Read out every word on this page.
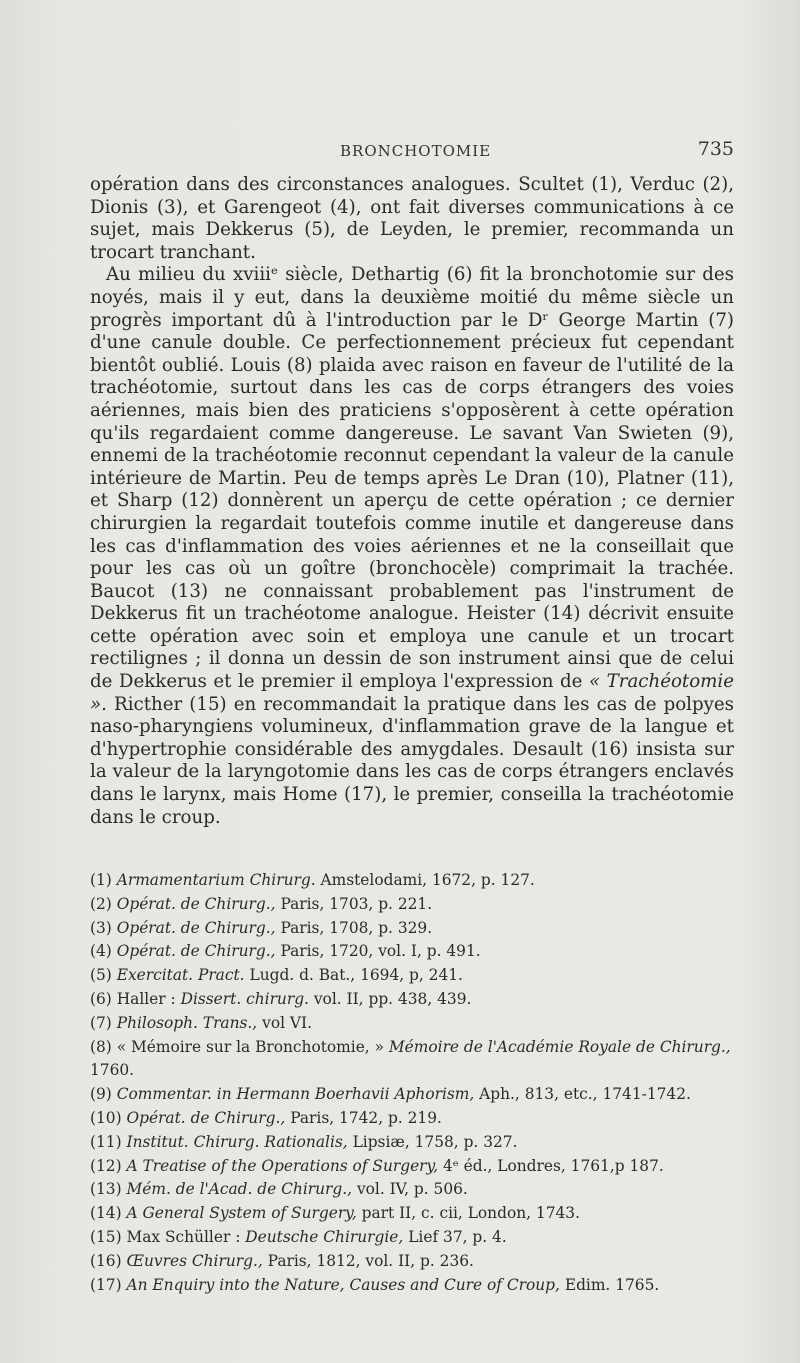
BRONCHOTOMIE	735

opération dans des circonstances analogues. Scultet (1), Verduc (2), Dionis (3), et Garengeot (4), ont fait diverses communications à ce sujet, mais Dekkerus (5), de Leyden, le premier, recommanda un trocart tranchant.

Au milieu du xviiiᵉ siècle, Dethartig (6) fit la bronchotomie sur des noyés, mais il y eut, dans la deuxième moitié du même siècle un progrès important dû à l'introduction par le Dʳ George Martin (7) d'une canule double. Ce perfectionnement précieux fut cependant bientôt oublié. Louis (8) plaida avec raison en faveur de l'utilité de la trachéotomie, surtout dans les cas de corps étrangers des voies aériennes, mais bien des praticiens s'opposèrent à cette opération qu'ils regardaient comme dangereuse. Le savant Van Swieten (9), ennemi de la trachéotomie reconnut cependant la valeur de la canule intérieure de Martin. Peu de temps après Le Dran (10), Platner (11), et Sharp (12) donnèrent un aperçu de cette opération ; ce dernier chirurgien la regardait toutefois comme inutile et dangereuse dans les cas d'inflammation des voies aériennes et ne la conseillait que pour les cas où un goître (bronchocèle) comprimait la trachée. Baucot (13) ne connaissant probablement pas l'instrument de Dekkerus fit un trachéotome analogue. Heister (14) décrivit ensuite cette opération avec soin et employa une canule et un trocart rectilignes ; il donna un dessin de son instrument ainsi que de celui de Dekkerus et le premier il employa l'expression de « Trachéotomie ». Ricther (15) en recommandait la pratique dans les cas de polpyes naso-pharyngiens volumineux, d'inflammation grave de la langue et d'hypertrophie considérable des amygdales. Desault (16) insista sur la valeur de la laryngotomie dans les cas de corps étrangers enclavés dans le larynx, mais Home (17), le premier, conseilla la trachéotomie dans le croup.

(1) Armamentarium Chirurg. Amstelodami, 1672, p. 127.

(2) Opérat. de Chirurg., Paris, 1703, p. 221.

(3) Opérat. de Chirurg., Paris, 1708, p. 329.

(4) Opérat. de Chirurg., Paris, 1720, vol. I, p. 491.

(5) Exercitat. Pract. Lugd. d. Bat., 1694, p, 241.

(6) Haller : Dissert. chirurg. vol. II, pp. 438, 439.

(7) Philosoph. Trans., vol VI.

(8) « Mémoire sur la Bronchotomie, » Mémoire de l'Académie Royale de Chirurg., 1760.

(9) Commentar. in Hermann Boerhavii Aphorism, Aph., 813, etc., 1741-1742.

(10) Opérat. de Chirurg., Paris, 1742, p. 219.

(11) Institut. Chirurg. Rationalis, Lipsiæ, 1758, p. 327.

(12) A Treatise of the Operations of Surgery, 4ᵉ éd., Londres, 1761,p 187.

(13) Mém. de l'Acad. de Chirurg., vol. IV, p. 506.

(14) A General System of Surgery, part II, c. cii, London, 1743.

(15) Max Schüller : Deutsche Chirurgie, Lief 37, p. 4.

(16) Œuvres Chirurg., Paris, 1812, vol. II, p. 236.

(17) An Enquiry into the Nature, Causes and Cure of Croup, Edim. 1765.
